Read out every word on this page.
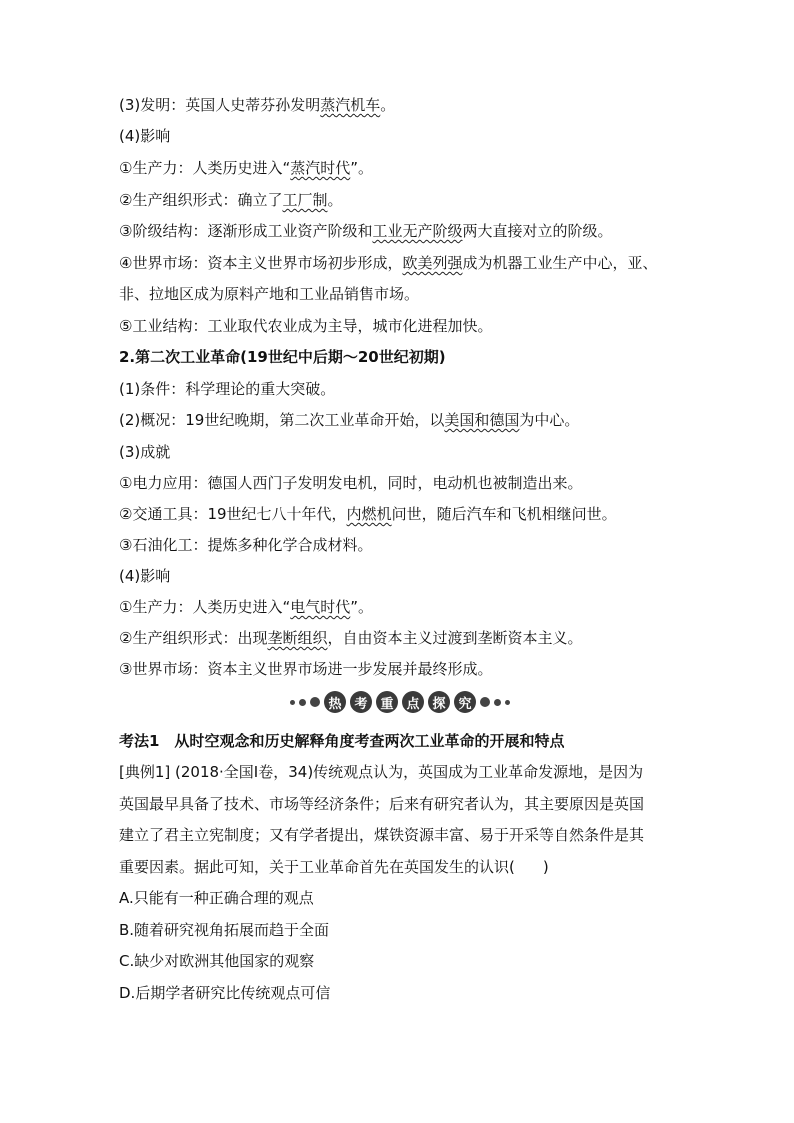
(3)发明：英国人史蒂芬孙发明蒸汽机车。
(4)影响
①生产力：人类历史进入“蒸汽时代”。
②生产组织形式：确立了工厂制。
③阶级结构：逐渐形成工业资产阶级和工业无产阶级两大直接对立的阶级。
④世界市场：资本主义世界市场初步形成，欧美列强成为机器工业生产中心，亚、
非、拉地区成为原料产地和工业品销售市场。
⑤工业结构：工业取代农业成为主导，城市化进程加快。
2.第二次工业革命(19世纪中后期～20世纪初期)
(1)条件：科学理论的重大突破。
(2)概况：19世纪晚期，第二次工业革命开始，以美国和德国为中心。
(3)成就
①电力应用：德国人西门子发明发电机，同时，电动机也被制造出来。
②交通工具：19世纪七八十年代，内燃机问世，随后汽车和飞机相继问世。
③石油化工：提炼多种化学合成材料。
(4)影响
①生产力：人类历史进入“电气时代”。
②生产组织形式：出现垄断组织，自由资本主义过渡到垄断资本主义。
③世界市场：资本主义世界市场进一步发展并最终形成。
热 考 重 点 探 究
考法1　从时空观念和历史解释角度考查两次工业革命的开展和特点
[典例1] (2018·全国Ⅰ卷，34)传统观点认为，英国成为工业革命发源地，是因为
英国最早具备了技术、市场等经济条件；后来有研究者认为，其主要原因是英国
建立了君主立宪制度；又有学者提出，煤铁资源丰富、易于开采等自然条件是其
重要因素。据此可知，关于工业革命首先在英国发生的认识( )
A.只能有一种正确合理的观点
B.随着研究视角拓展而趋于全面
C.缺少对欧洲其他国家的观察
D.后期学者研究比传统观点可信
